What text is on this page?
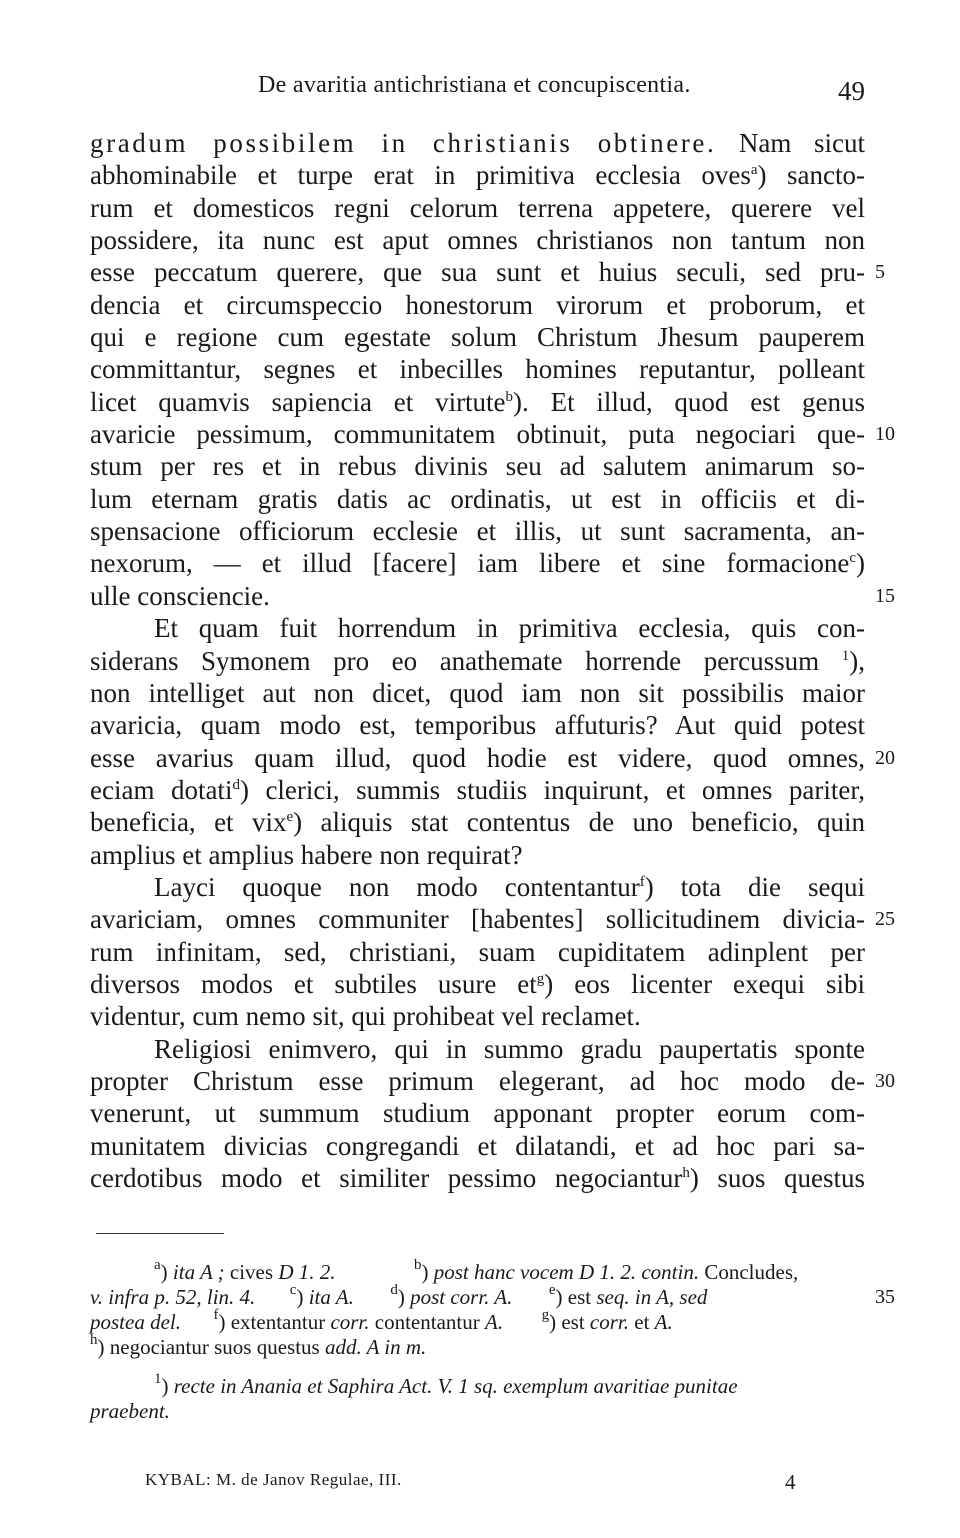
De avaritia antichristiana et concupiscentia.	49
gradum possibilem in christianis obtinere. Nam sicut
abhominabile et turpe erat in primitiva ecclesia oves$^a$) sancto-
rum et domesticos regni celorum terrena appetere, querere vel
possidere, ita nunc est aput omnes christianos non tantum non
esse peccatum querere, que sua sunt et huius seculi, sed pru- 5
dencia et circumspeccio honestorum virorum et proborum, et
qui e regione cum egestate solum Christum Jhesum pauperem
committantur, segnes et inbecilles homines reputantur, polleant
licet quamvis sapiencia et virtute$^b$). Et illud, quod est genus
avaricie pessimum, communitatem obtinuit, puta negociari que- 10
stum per res et in rebus divinis seu ad salutem animarum so-
lum eternam gratis datis ac ordinatis, ut est in officiis et di-
spensacione officiorum ecclesie et illis, ut sunt sacramenta, an-
nexorum, — et illud [facere] iam libere et sine formacione$^c$)
ulle consciencie.	15
Et quam fuit horrendum in primitiva ecclesia, quis con-
siderans Symonem pro eo anathemate horrende percussum $^1$),
non intelliget aut non dicet, quod iam non sit possibilis maior
avaricia, quam modo est, temporibus affuturis? Aut quid potest
esse avarius quam illud, quod hodie est videre, quod omnes, 20
eciam dotati$^d$) clerici, summis studiis inquirunt, et omnes pariter,
beneficia, et vix$^e$) aliquis stat contentus de uno beneficio, quin
amplius et amplius habere non requirat?
Layci quoque non modo contentantur$^f$) tota die sequi
avariciam, omnes communiter [habentes] sollicitudinem divicia- 25
rum infinitam, sed, christiani, suam cupiditatem adinplent per
diversos modos et subtiles usure $et^g$) eos licenter exequi sibi
videntur, cum nemo sit, qui prohibeat vel reclamet.
Religiosi enimvero, qui in summo gradu paupertatis sponte
propter Christum esse primum elegerant, ad hoc modo de- 30
venerunt, ut summum studium apponant propter eorum com-
munitatem divicias congregandi et dilatandi, et ad hoc pari sa-
cerdotibus modo et similiter pessimo negociantur$^h$) suos questus
$^a$) ita A ; cives D 1. 2.	$^b$) post hanc vocem D 1. 2. contin. Concludes,
v. infra p. 52, lin. 4. $^c$) ita A. $^d$) post corr. A. $^e$) est seq. in A, sed	35
postea del. $^f$) extentantur corr. contentantur A.	$^g$) est corr. et A.
$^h$) negociantur suos questus add. A in m.
$^1$) recte in Anania et Saphira Act. V. 1 sq. exemplum avaritiae punitae
praebent.
KYBAL: M. de Janov Regulae, III.	4
